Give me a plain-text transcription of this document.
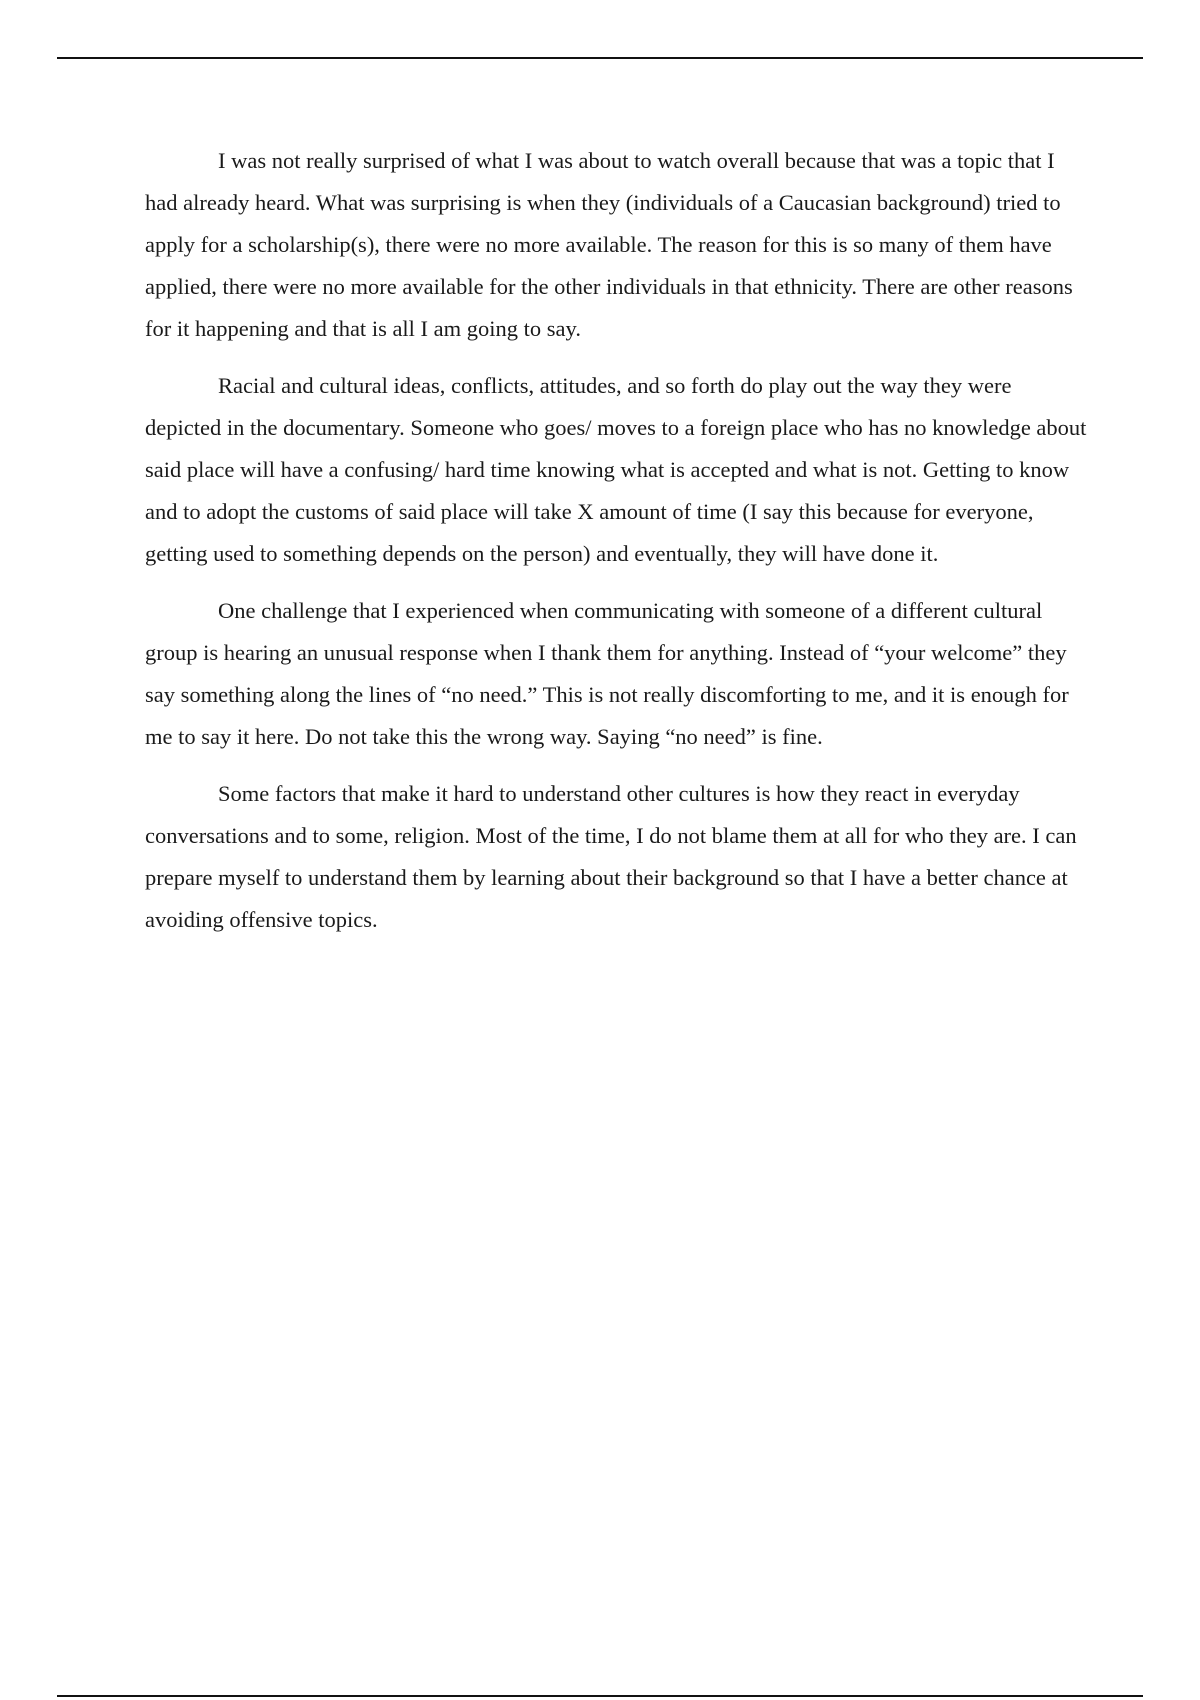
I was not really surprised of what I was about to watch overall because that was a topic that I had already heard. What was surprising is when they (individuals of a Caucasian background) tried to apply for a scholarship(s), there were no more available. The reason for this is so many of them have applied, there were no more available for the other individuals in that ethnicity. There are other reasons for it happening and that is all I am going to say.

Racial and cultural ideas, conflicts, attitudes, and so forth do play out the way they were depicted in the documentary. Someone who goes/ moves to a foreign place who has no knowledge about said place will have a confusing/ hard time knowing what is accepted and what is not. Getting to know and to adopt the customs of said place will take X amount of time (I say this because for everyone, getting used to something depends on the person) and eventually, they will have done it.

One challenge that I experienced when communicating with someone of a different cultural group is hearing an unusual response when I thank them for anything. Instead of “your welcome” they say something along the lines of “no need.” This is not really discomforting to me, and it is enough for me to say it here. Do not take this the wrong way. Saying “no need” is fine.

Some factors that make it hard to understand other cultures is how they react in everyday conversations and to some, religion. Most of the time, I do not blame them at all for who they are. I can prepare myself to understand them by learning about their background so that I have a better chance at avoiding offensive topics.
